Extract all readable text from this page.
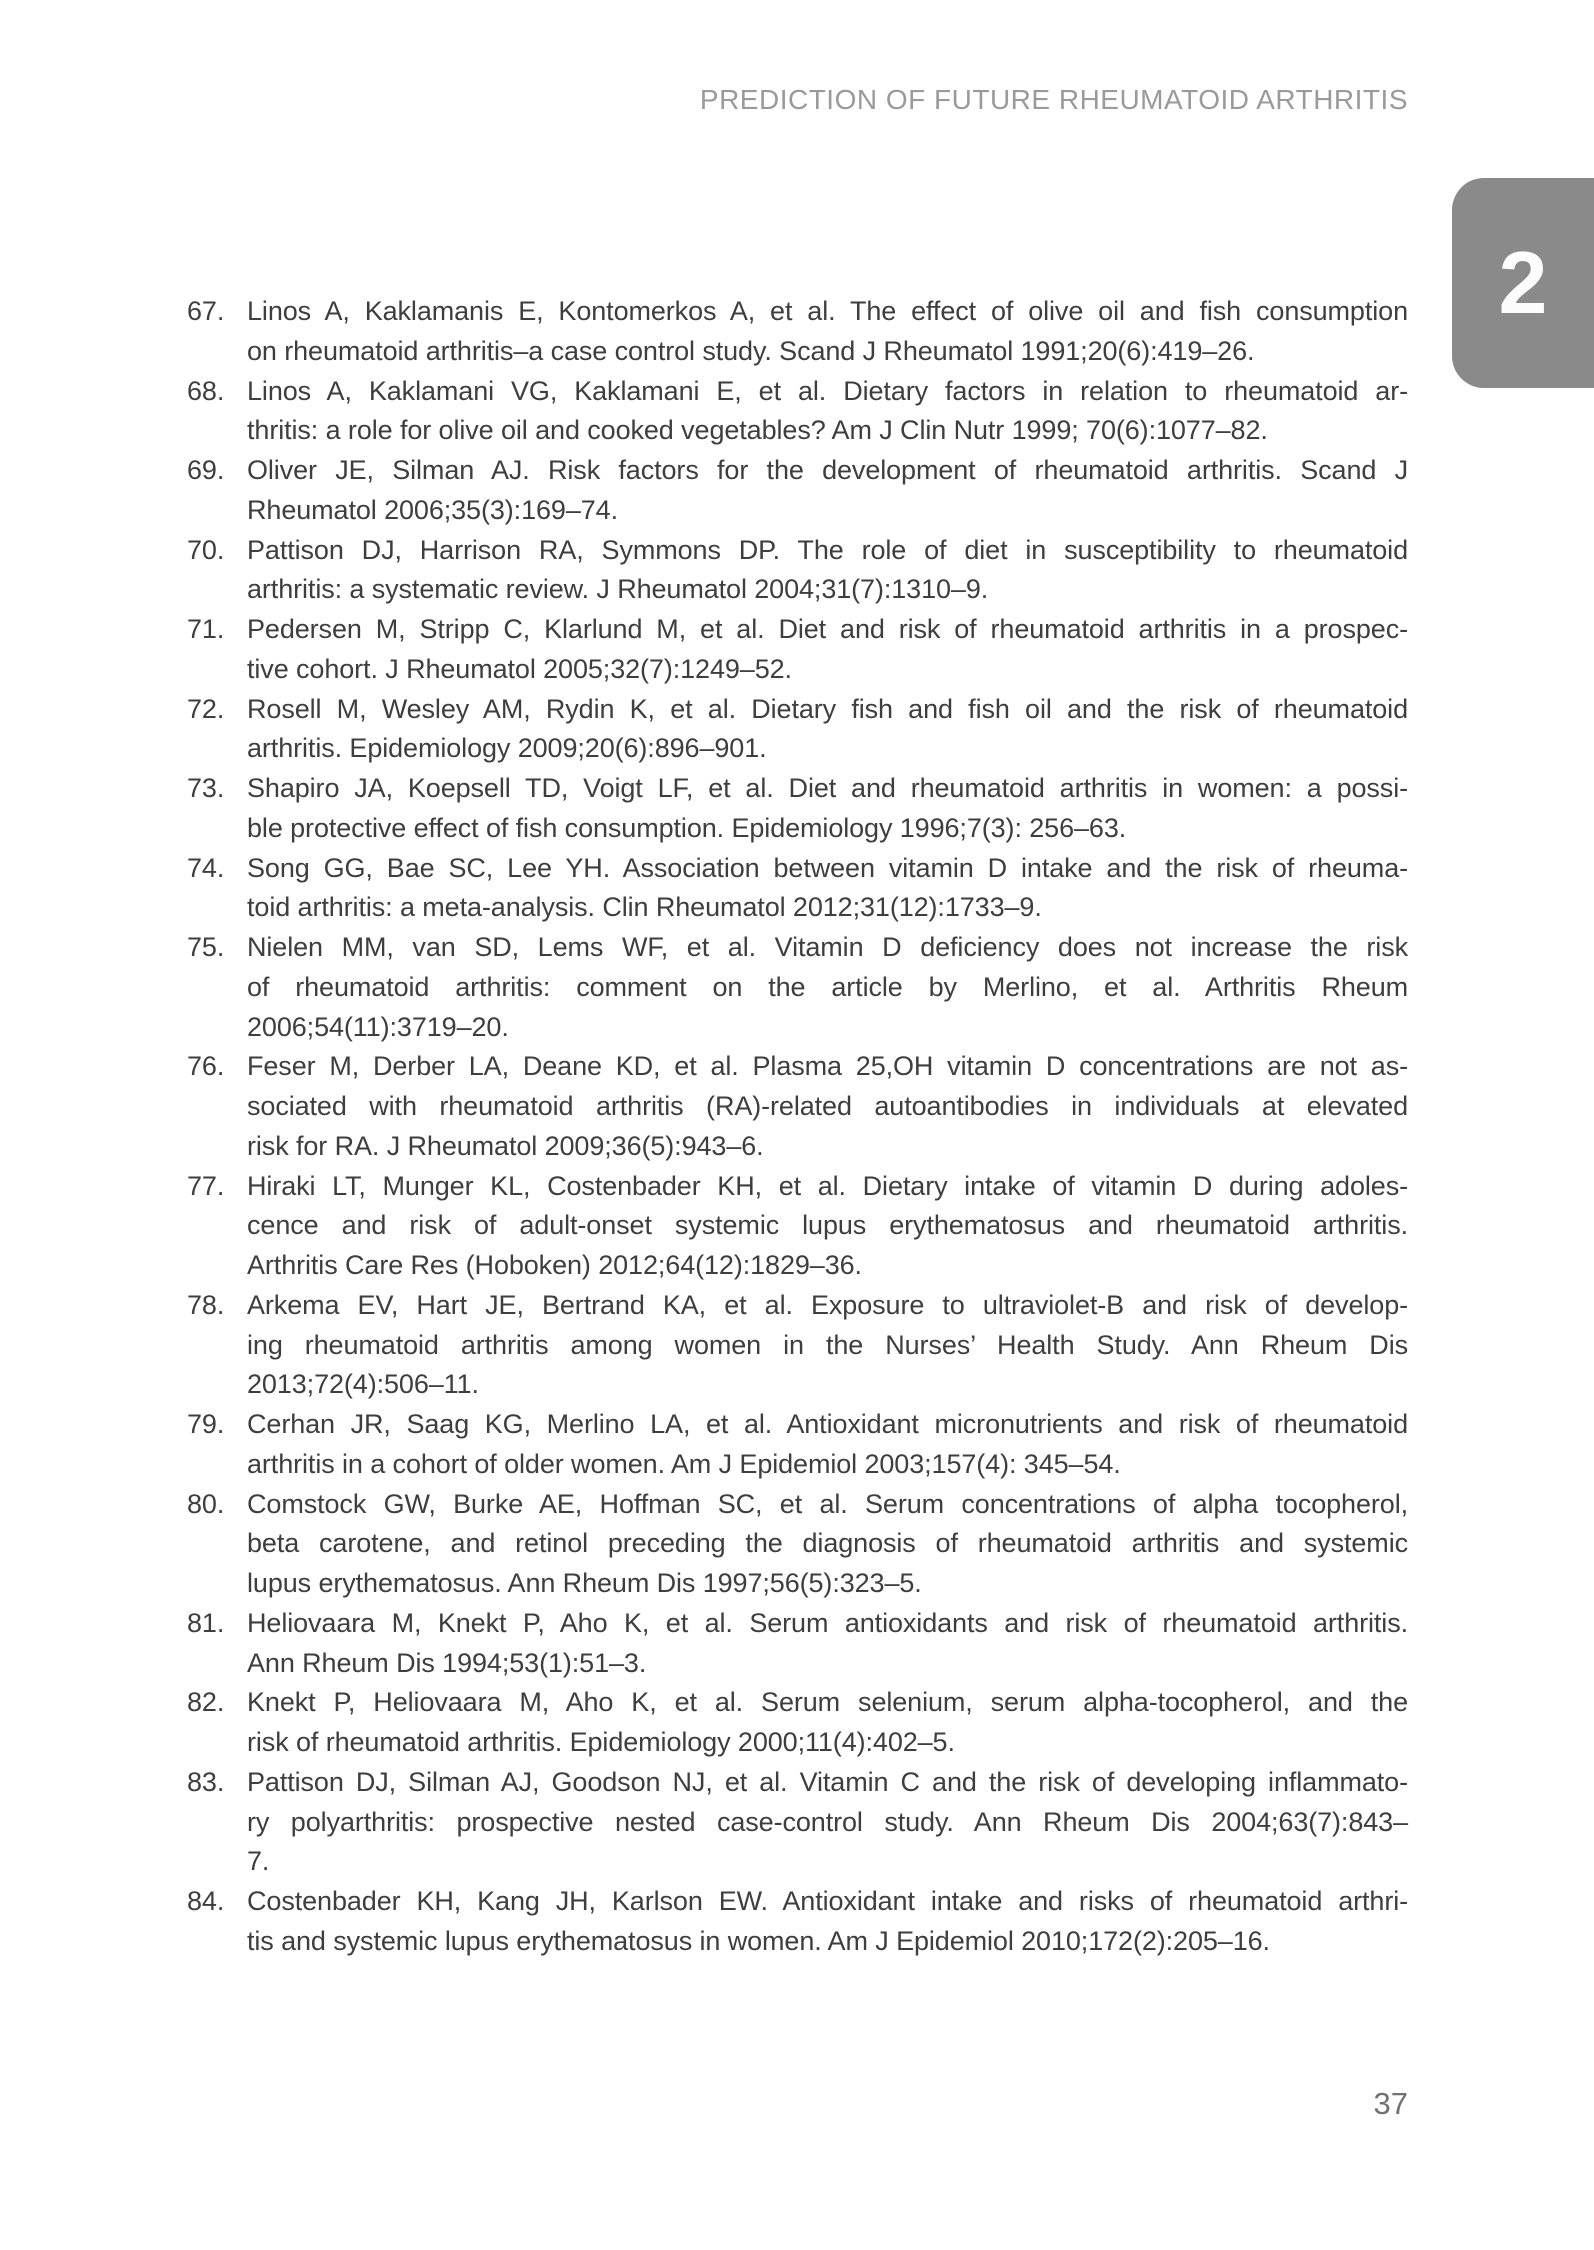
PREDICTION OF FUTURE RHEUMATOID ARTHRITIS
2
67. Linos A, Kaklamanis E, Kontomerkos A, et al. The effect of olive oil and fish consumption
on rheumatoid arthritis–a case control study. Scand J Rheumatol 1991;20(6):419–26.
68. Linos A, Kaklamani VG, Kaklamani E, et al. Dietary factors in relation to rheumatoid ar-
thritis: a role for olive oil and cooked vegetables? Am J Clin Nutr 1999; 70(6):1077–82.
69. Oliver JE, Silman AJ. Risk factors for the development of rheumatoid arthritis. Scand J
Rheumatol 2006;35(3):169–74.
70. Pattison DJ, Harrison RA, Symmons DP. The role of diet in susceptibility to rheumatoid
arthritis: a systematic review. J Rheumatol 2004;31(7):1310–9.
71. Pedersen M, Stripp C, Klarlund M, et al. Diet and risk of rheumatoid arthritis in a prospec-
tive cohort. J Rheumatol 2005;32(7):1249–52.
72. Rosell M, Wesley AM, Rydin K, et al. Dietary fish and fish oil and the risk of rheumatoid
arthritis. Epidemiology 2009;20(6):896–901.
73. Shapiro JA, Koepsell TD, Voigt LF, et al. Diet and rheumatoid arthritis in women: a possi-
ble protective effect of fish consumption. Epidemiology 1996;7(3): 256–63.
74. Song GG, Bae SC, Lee YH. Association between vitamin D intake and the risk of rheuma-
toid arthritis: a meta-analysis. Clin Rheumatol 2012;31(12):1733–9.
75. Nielen MM, van SD, Lems WF, et al. Vitamin D deficiency does not increase the risk
of rheumatoid arthritis: comment on the article by Merlino, et al. Arthritis Rheum
2006;54(11):3719–20.
76. Feser M, Derber LA, Deane KD, et al. Plasma 25,OH vitamin D concentrations are not as-
sociated with rheumatoid arthritis (RA)-related autoantibodies in individuals at elevated
risk for RA. J Rheumatol 2009;36(5):943–6.
77. Hiraki LT, Munger KL, Costenbader KH, et al. Dietary intake of vitamin D during adoles-
cence and risk of adult-onset systemic lupus erythematosus and rheumatoid arthritis.
Arthritis Care Res (Hoboken) 2012;64(12):1829–36.
78. Arkema EV, Hart JE, Bertrand KA, et al. Exposure to ultraviolet-B and risk of develop-
ing rheumatoid arthritis among women in the Nurses’ Health Study. Ann Rheum Dis
2013;72(4):506–11.
79. Cerhan JR, Saag KG, Merlino LA, et al. Antioxidant micronutrients and risk of rheumatoid
arthritis in a cohort of older women. Am J Epidemiol 2003;157(4): 345–54.
80. Comstock GW, Burke AE, Hoffman SC, et al. Serum concentrations of alpha tocopherol,
beta carotene, and retinol preceding the diagnosis of rheumatoid arthritis and systemic
lupus erythematosus. Ann Rheum Dis 1997;56(5):323–5.
81. Heliovaara M, Knekt P, Aho K, et al. Serum antioxidants and risk of rheumatoid arthritis.
Ann Rheum Dis 1994;53(1):51–3.
82. Knekt P, Heliovaara M, Aho K, et al. Serum selenium, serum alpha-tocopherol, and the
risk of rheumatoid arthritis. Epidemiology 2000;11(4):402–5.
83. Pattison DJ, Silman AJ, Goodson NJ, et al. Vitamin C and the risk of developing inflammato-
ry polyarthritis: prospective nested case-control study. Ann Rheum Dis 2004;63(7):843–
7.
84. Costenbader KH, Kang JH, Karlson EW. Antioxidant intake and risks of rheumatoid arthri-
tis and systemic lupus erythematosus in women. Am J Epidemiol 2010;172(2):205–16.
37
